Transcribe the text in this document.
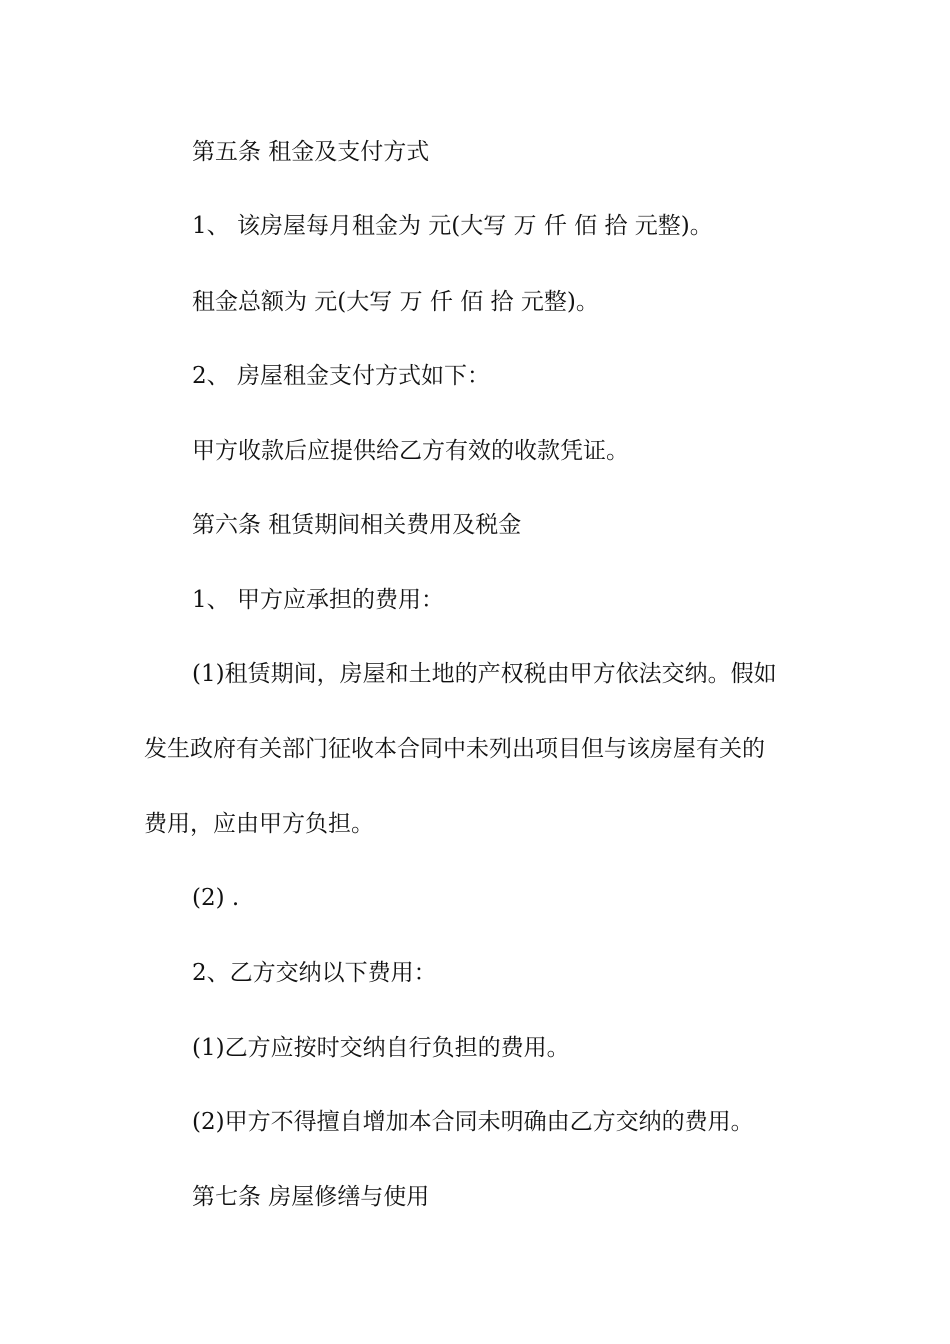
第五条 租金及支付方式
1、 该房屋每月租金为 元(大写 万 仟 佰 拾 元整)。
租金总额为 元(大写 万 仟 佰 拾 元整)。
2、 房屋租金支付方式如下：
甲方收款后应提供给乙方有效的收款凭证。
第六条 租赁期间相关费用及税金
1、 甲方应承担的费用：
(1)租赁期间，房屋和土地的产权税由甲方依法交纳。假如
发生政府有关部门征收本合同中未列出项目但与该房屋有关的
费用，应由甲方负担。
(2) .
2、乙方交纳以下费用：
(1)乙方应按时交纳自行负担的费用。
(2)甲方不得擅自增加本合同未明确由乙方交纳的费用。
第七条 房屋修缮与使用
